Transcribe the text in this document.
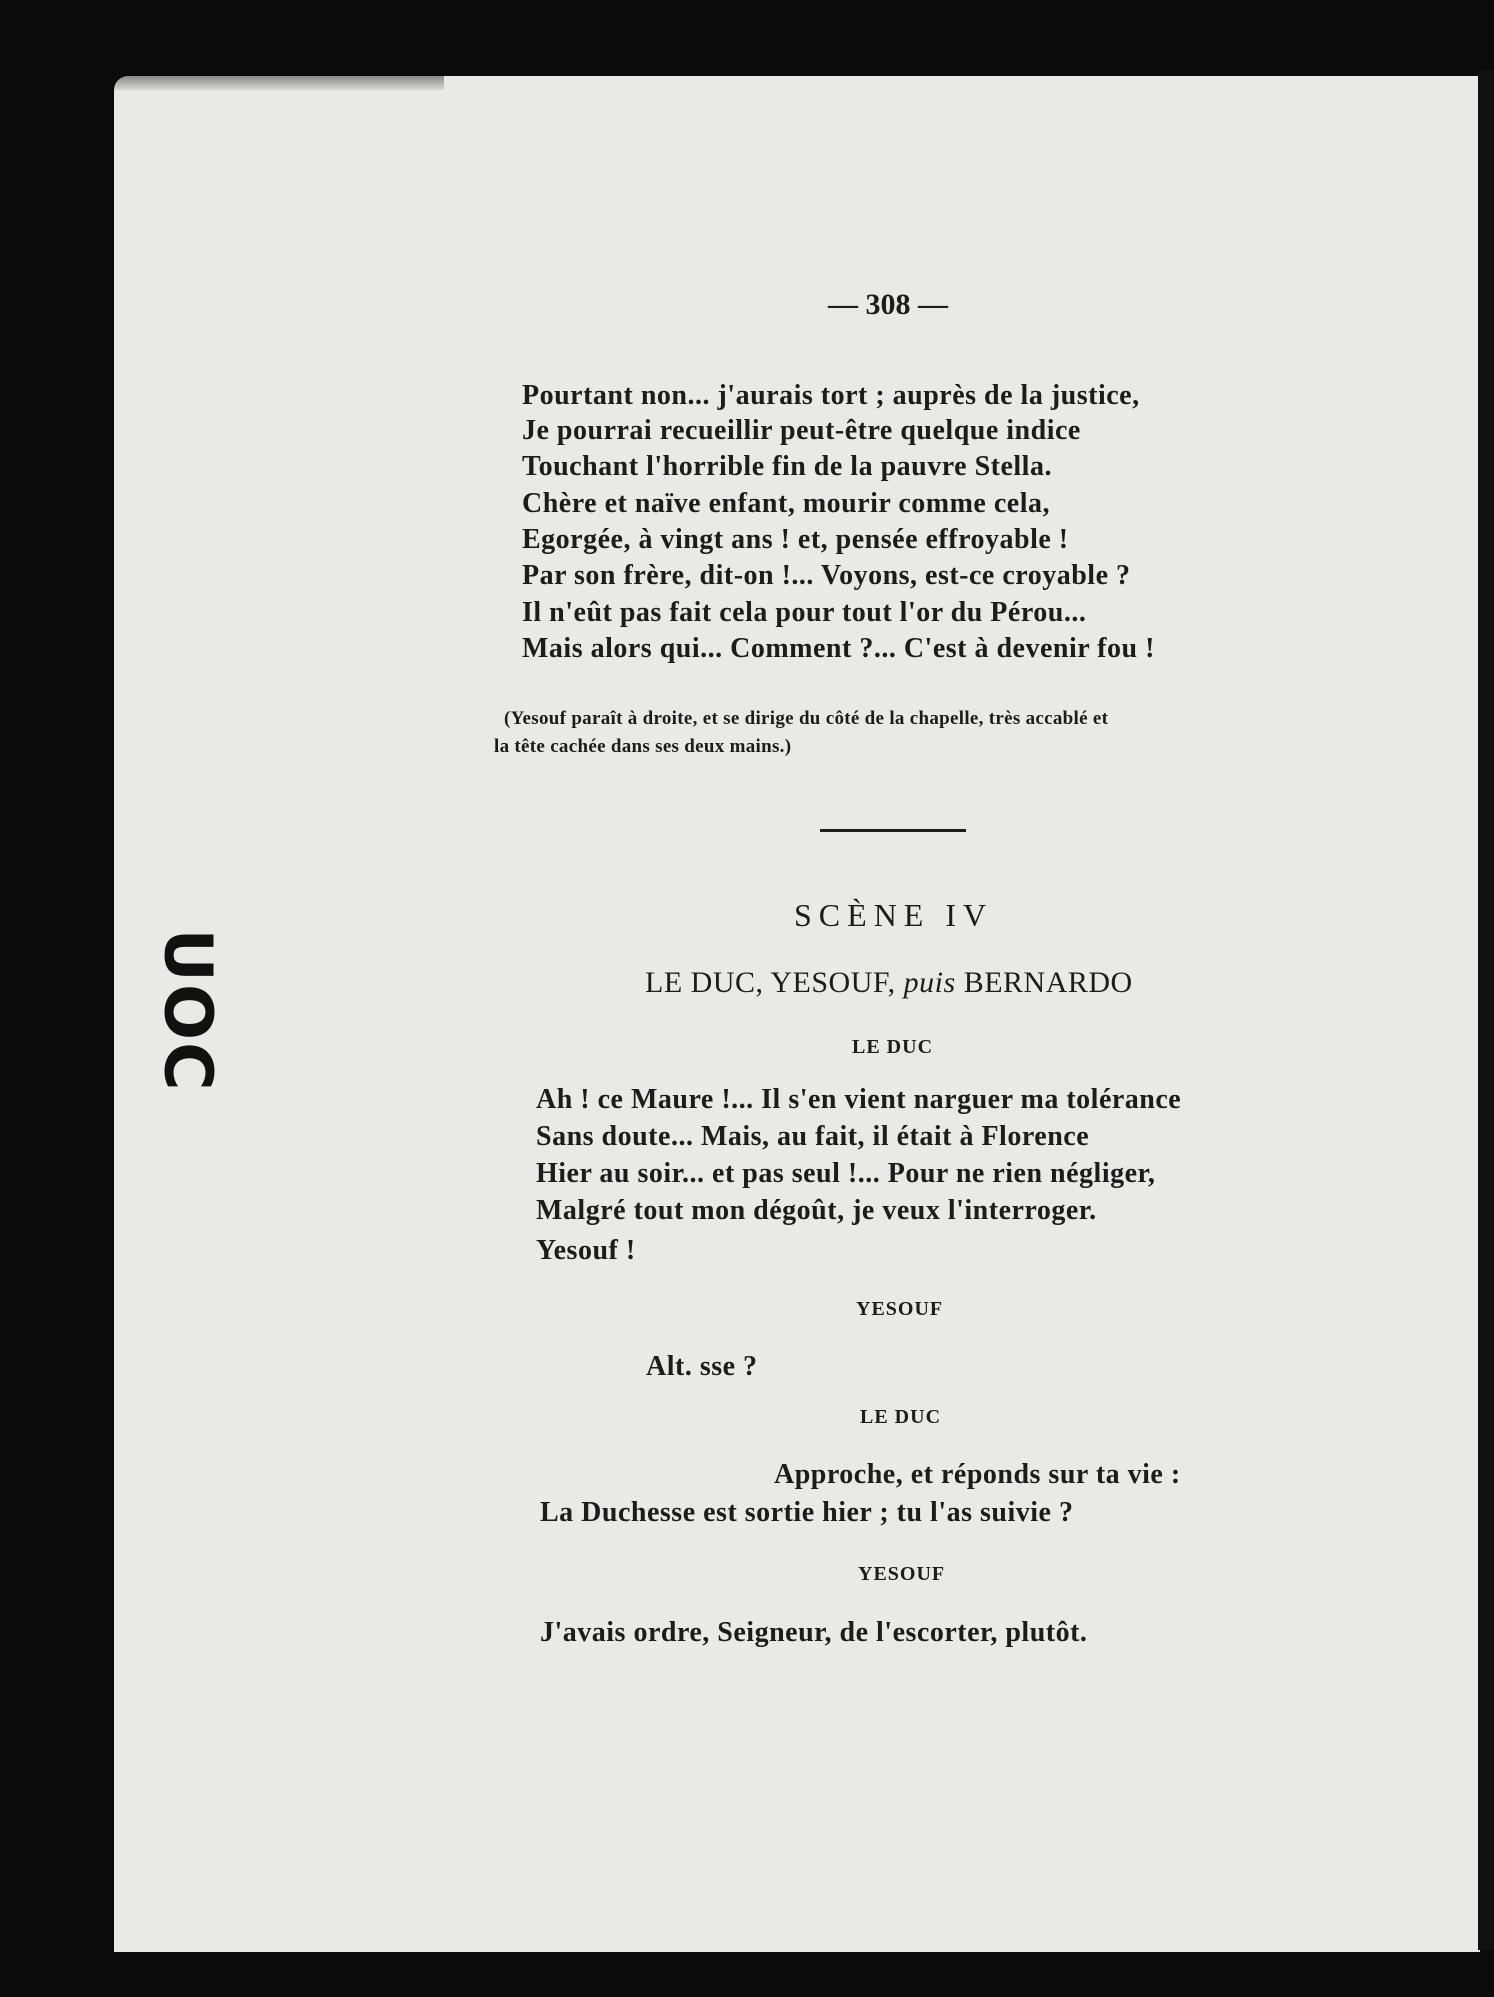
— 308 —
Pourtant non... j'aurais tort ; auprès de la justice,
Je pourrai recueillir peut-être quelque indice
Touchant l'horrible fin de la pauvre Stella.
Chère et naïve enfant, mourir comme cela,
Egorgée, à vingt ans ! et, pensée effroyable !
Par son frère, dit-on !... Voyons, est-ce croyable ?
Il n'eût pas fait cela pour tout l'or du Pérou...
Mais alors qui... Comment ?... C'est à devenir fou !
(Yesouf paraît à droite, et se dirige du côté de la chapelle, très accablé et
la tête cachée dans ses deux mains.)
SCÈNE IV
LE DUC, YESOUF, puis BERNARDO
LE DUC
Ah ! ce Maure !... Il s'en vient narguer ma tolérance
Sans doute... Mais, au fait, il était à Florence
Hier au soir... et pas seul !... Pour ne rien négliger,
Malgré tout mon dégoût, je veux l'interroger.
Yesouf !
YESOUF
Alt. sse ?
LE DUC
Approche, et réponds sur ta vie :
La Duchesse est sortie hier ; tu l'as suivie ?
YESOUF
J'avais ordre, Seigneur, de l'escorter, plutôt.
UOC
